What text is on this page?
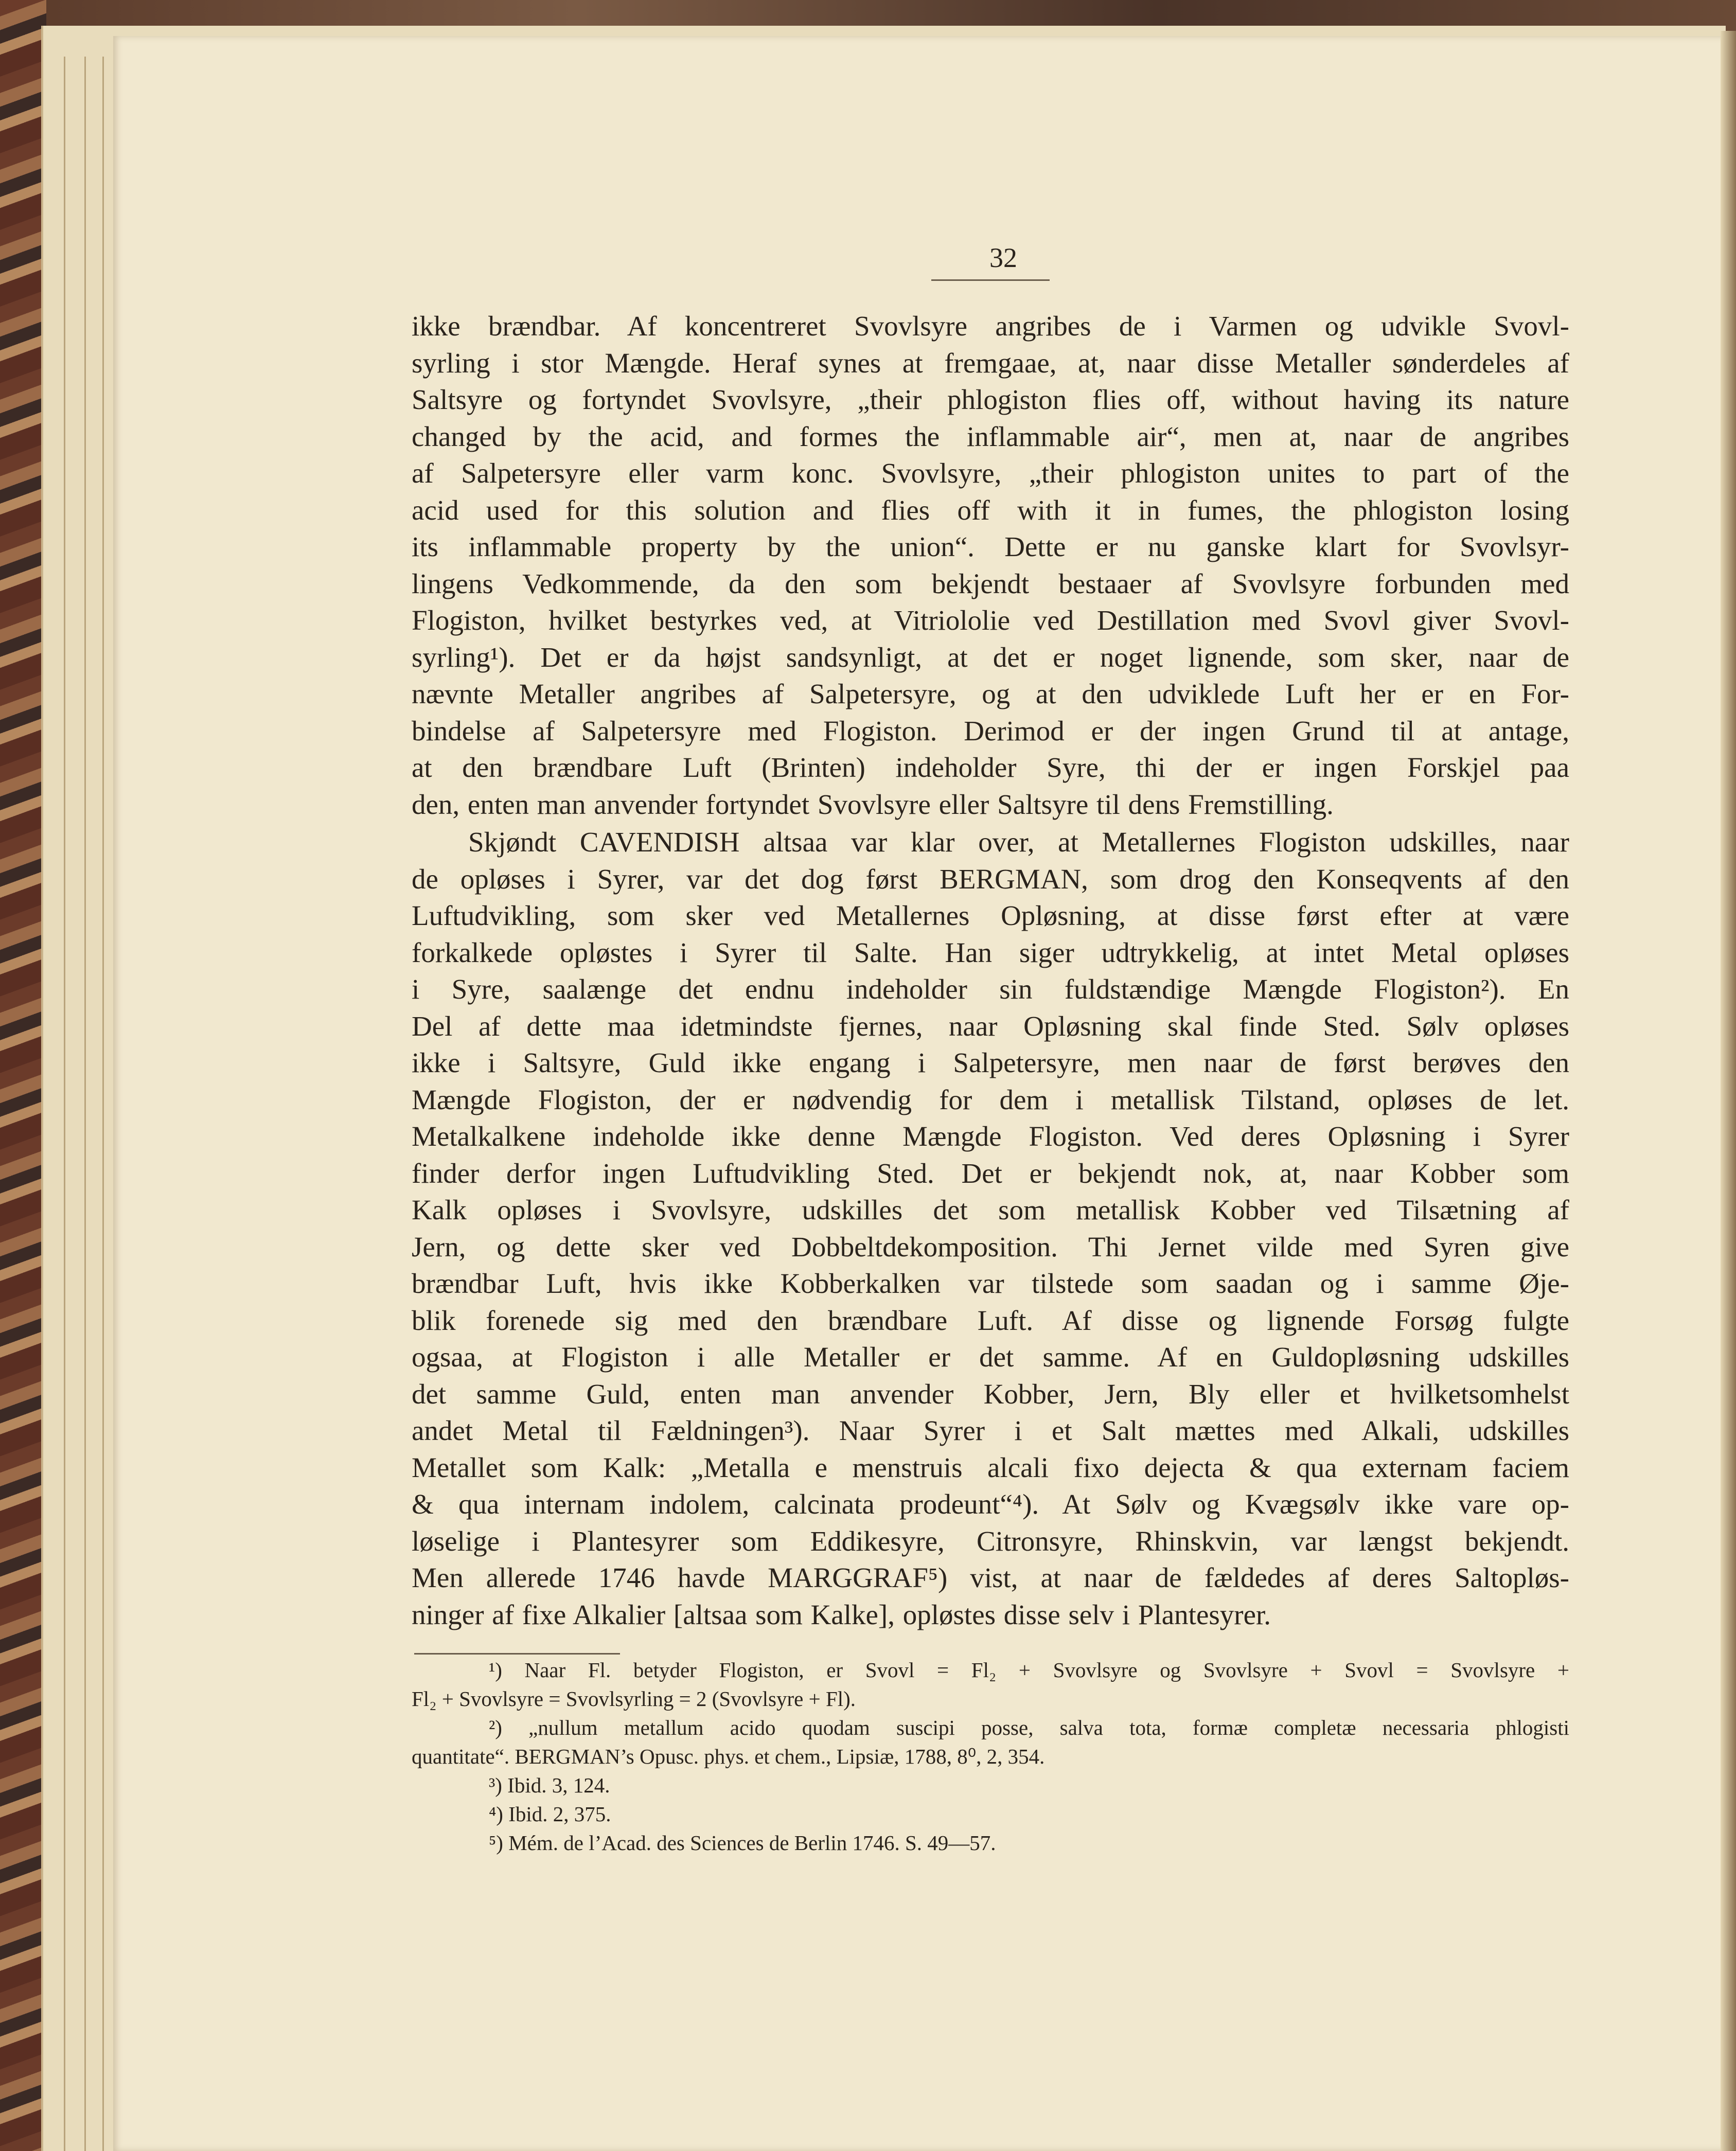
32
ikke brændbar. Af koncentreret Svovlsyre angribes de i Varmen og udvikle Svovl-
syrling i stor Mængde. Heraf synes at fremgaae, at, naar disse Metaller sønderdeles af
Saltsyre og fortyndet Svovlsyre, „their phlogiston flies off, without having its nature
changed by the acid, and formes the inflammable air“, men at, naar de angribes
af Salpetersyre eller varm konc. Svovlsyre, „their phlogiston unites to part of the
acid used for this solution and flies off with it in fumes, the phlogiston losing
its inflammable property by the union“. Dette er nu ganske klart for Svovlsyr-
lingens Vedkommende, da den som bekjendt bestaaer af Svovlsyre forbunden med
Flogiston, hvilket bestyrkes ved, at Vitriololie ved Destillation med Svovl giver Svovl-
syrling¹). Det er da højst sandsynligt, at det er noget lignende, som sker, naar de
nævnte Metaller angribes af Salpetersyre, og at den udviklede Luft her er en For-
bindelse af Salpetersyre med Flogiston. Derimod er der ingen Grund til at antage,
at den brændbare Luft (Brinten) indeholder Syre, thi der er ingen Forskjel paa
den, enten man anvender fortyndet Svovlsyre eller Saltsyre til dens Fremstilling.
Skjøndt CAVENDISH altsaa var klar over, at Metallernes Flogiston udskilles, naar
de opløses i Syrer, var det dog først BERGMAN, som drog den Konseqvents af den
Luftudvikling, som sker ved Metallernes Opløsning, at disse først efter at være
forkalkede opløstes i Syrer til Salte. Han siger udtrykkelig, at intet Metal opløses
i Syre, saalænge det endnu indeholder sin fuldstændige Mængde Flogiston²). En
Del af dette maa idetmindste fjernes, naar Opløsning skal finde Sted. Sølv opløses
ikke i Saltsyre, Guld ikke engang i Salpetersyre, men naar de først berøves den
Mængde Flogiston, der er nødvendig for dem i metallisk Tilstand, opløses de let.
Metalkalkene indeholde ikke denne Mængde Flogiston. Ved deres Opløsning i Syrer
finder derfor ingen Luftudvikling Sted. Det er bekjendt nok, at, naar Kobber som
Kalk opløses i Svovlsyre, udskilles det som metallisk Kobber ved Tilsætning af
Jern, og dette sker ved Dobbeltdekomposition. Thi Jernet vilde med Syren give
brændbar Luft, hvis ikke Kobberkalken var tilstede som saadan og i samme Øje-
blik forenede sig med den brændbare Luft. Af disse og lignende Forsøg fulgte
ogsaa, at Flogiston i alle Metaller er det samme. Af en Guldopløsning udskilles
det samme Guld, enten man anvender Kobber, Jern, Bly eller et hvilketsomhelst
andet Metal til Fældningen³). Naar Syrer i et Salt mættes med Alkali, udskilles
Metallet som Kalk: „Metalla e menstruis alcali fixo dejecta & qua externam faciem
& qua internam indolem, calcinata prodeunt“⁴). At Sølv og Kvægsølv ikke vare op-
løselige i Plantesyrer som Eddikesyre, Citronsyre, Rhinskvin, var længst bekjendt.
Men allerede 1746 havde MARGGRAF⁵) vist, at naar de fældedes af deres Saltopløs-
ninger af fixe Alkalier [altsaa som Kalke], opløstes disse selv i Plantesyrer.
¹) Naar Fl. betyder Flogiston, er Svovl = Fl₂ + Svovlsyre og Svovlsyre + Svovl = Svovlsyre +
Fl₂ + Svovlsyre = Svovlsyrling = 2 (Svovlsyre + Fl).
²) „nullum metallum acido quodam suscipi posse, salva tota, formæ completæ necessaria phlogisti
quantitate“. BERGMAN’s Opusc. phys. et chem., Lipsiæ, 1788, 8⁰, 2, 354.
³) Ibid. 3, 124.
⁴) Ibid. 2, 375.
⁵) Mém. de l’Acad. des Sciences de Berlin 1746. S. 49—57.
